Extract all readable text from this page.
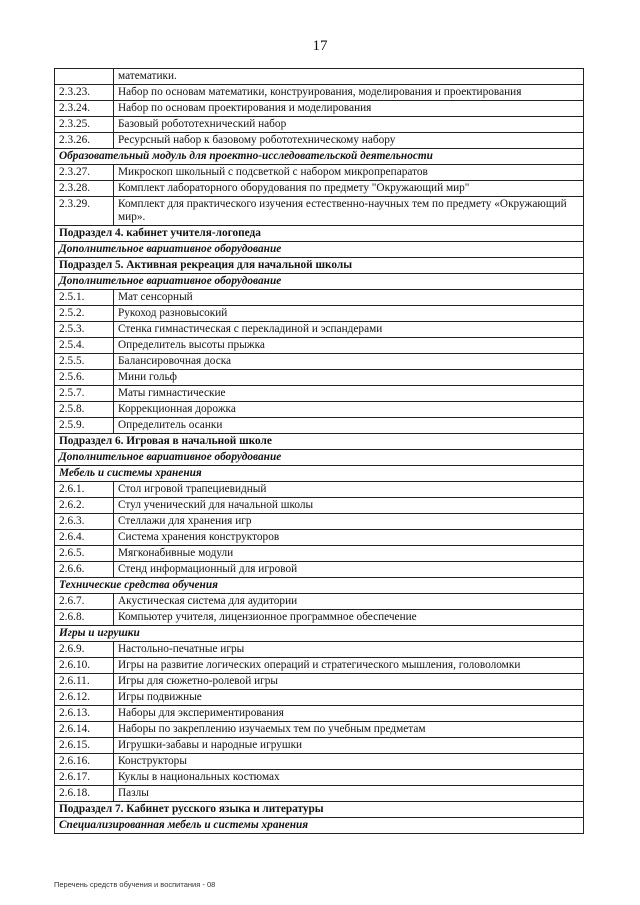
17
	математики.
2.3.23.	Набор по основам математики, конструирования, моделирования и проектирования
2.3.24.	Набор по основам проектирования и моделирования
2.3.25.	Базовый робототехнический набор
2.3.26.	Ресурсный набор к базовому робототехническому набору
Образовательный модуль для проектно-исследовательской деятельности	
2.3.27.	Микроскоп школьный с подсветкой с набором микропрепаратов
2.3.28.	Комплект лабораторного оборудования по предмету "Окружающий мир"
2.3.29.	Комплект для практического изучения естественно-научных тем по предмету «Окружающий мир».
Подраздел 4. кабинет учителя-логопеда	
Дополнительное вариативное оборудование	
Подраздел 5. Активная рекреация для начальной школы	
Дополнительное вариативное оборудование	
2.5.1.	Мат сенсорный
2.5.2.	Рукоход разновысокий
2.5.3.	Стенка гимнастическая с перекладиной и эспандерами
2.5.4.	Определитель высоты прыжка
2.5.5.	Балансировочная доска
2.5.6.	Мини гольф
2.5.7.	Маты гимнастические
2.5.8.	Коррекционная дорожка
2.5.9.	Определитель осанки
Подраздел 6. Игровая в начальной школе	
Дополнительное вариативное оборудование	
Мебель и системы хранения	
2.6.1.	Стол игровой трапециевидный
2.6.2.	Стул ученический для начальной школы
2.6.3.	Стеллажи для хранения игр
2.6.4.	Система хранения конструкторов
2.6.5.	Мягконабивные модули
2.6.6.	Стенд информационный для игровой
Технические средства обучения	
2.6.7.	Акустическая система для аудитории
2.6.8.	Компьютер учителя, лицензионное программное обеспечение
Игры и игрушки	
2.6.9.	Настольно-печатные игры
2.6.10.	Игры на развитие логических операций и стратегического мышления, головоломки
2.6.11.	Игры для сюжетно-ролевой игры
2.6.12.	Игры подвижные
2.6.13.	Наборы для экспериментирования
2.6.14.	Наборы по закреплению изучаемых тем по учебным предметам
2.6.15.	Игрушки-забавы и народные игрушки
2.6.16.	Конструкторы
2.6.17.	Куклы в национальных костюмах
2.6.18.	Пазлы
Подраздел 7. Кабинет русского языка и литературы	
Специализированная мебель и системы хранения	
Перечень средств обучения и воспитания - 08
